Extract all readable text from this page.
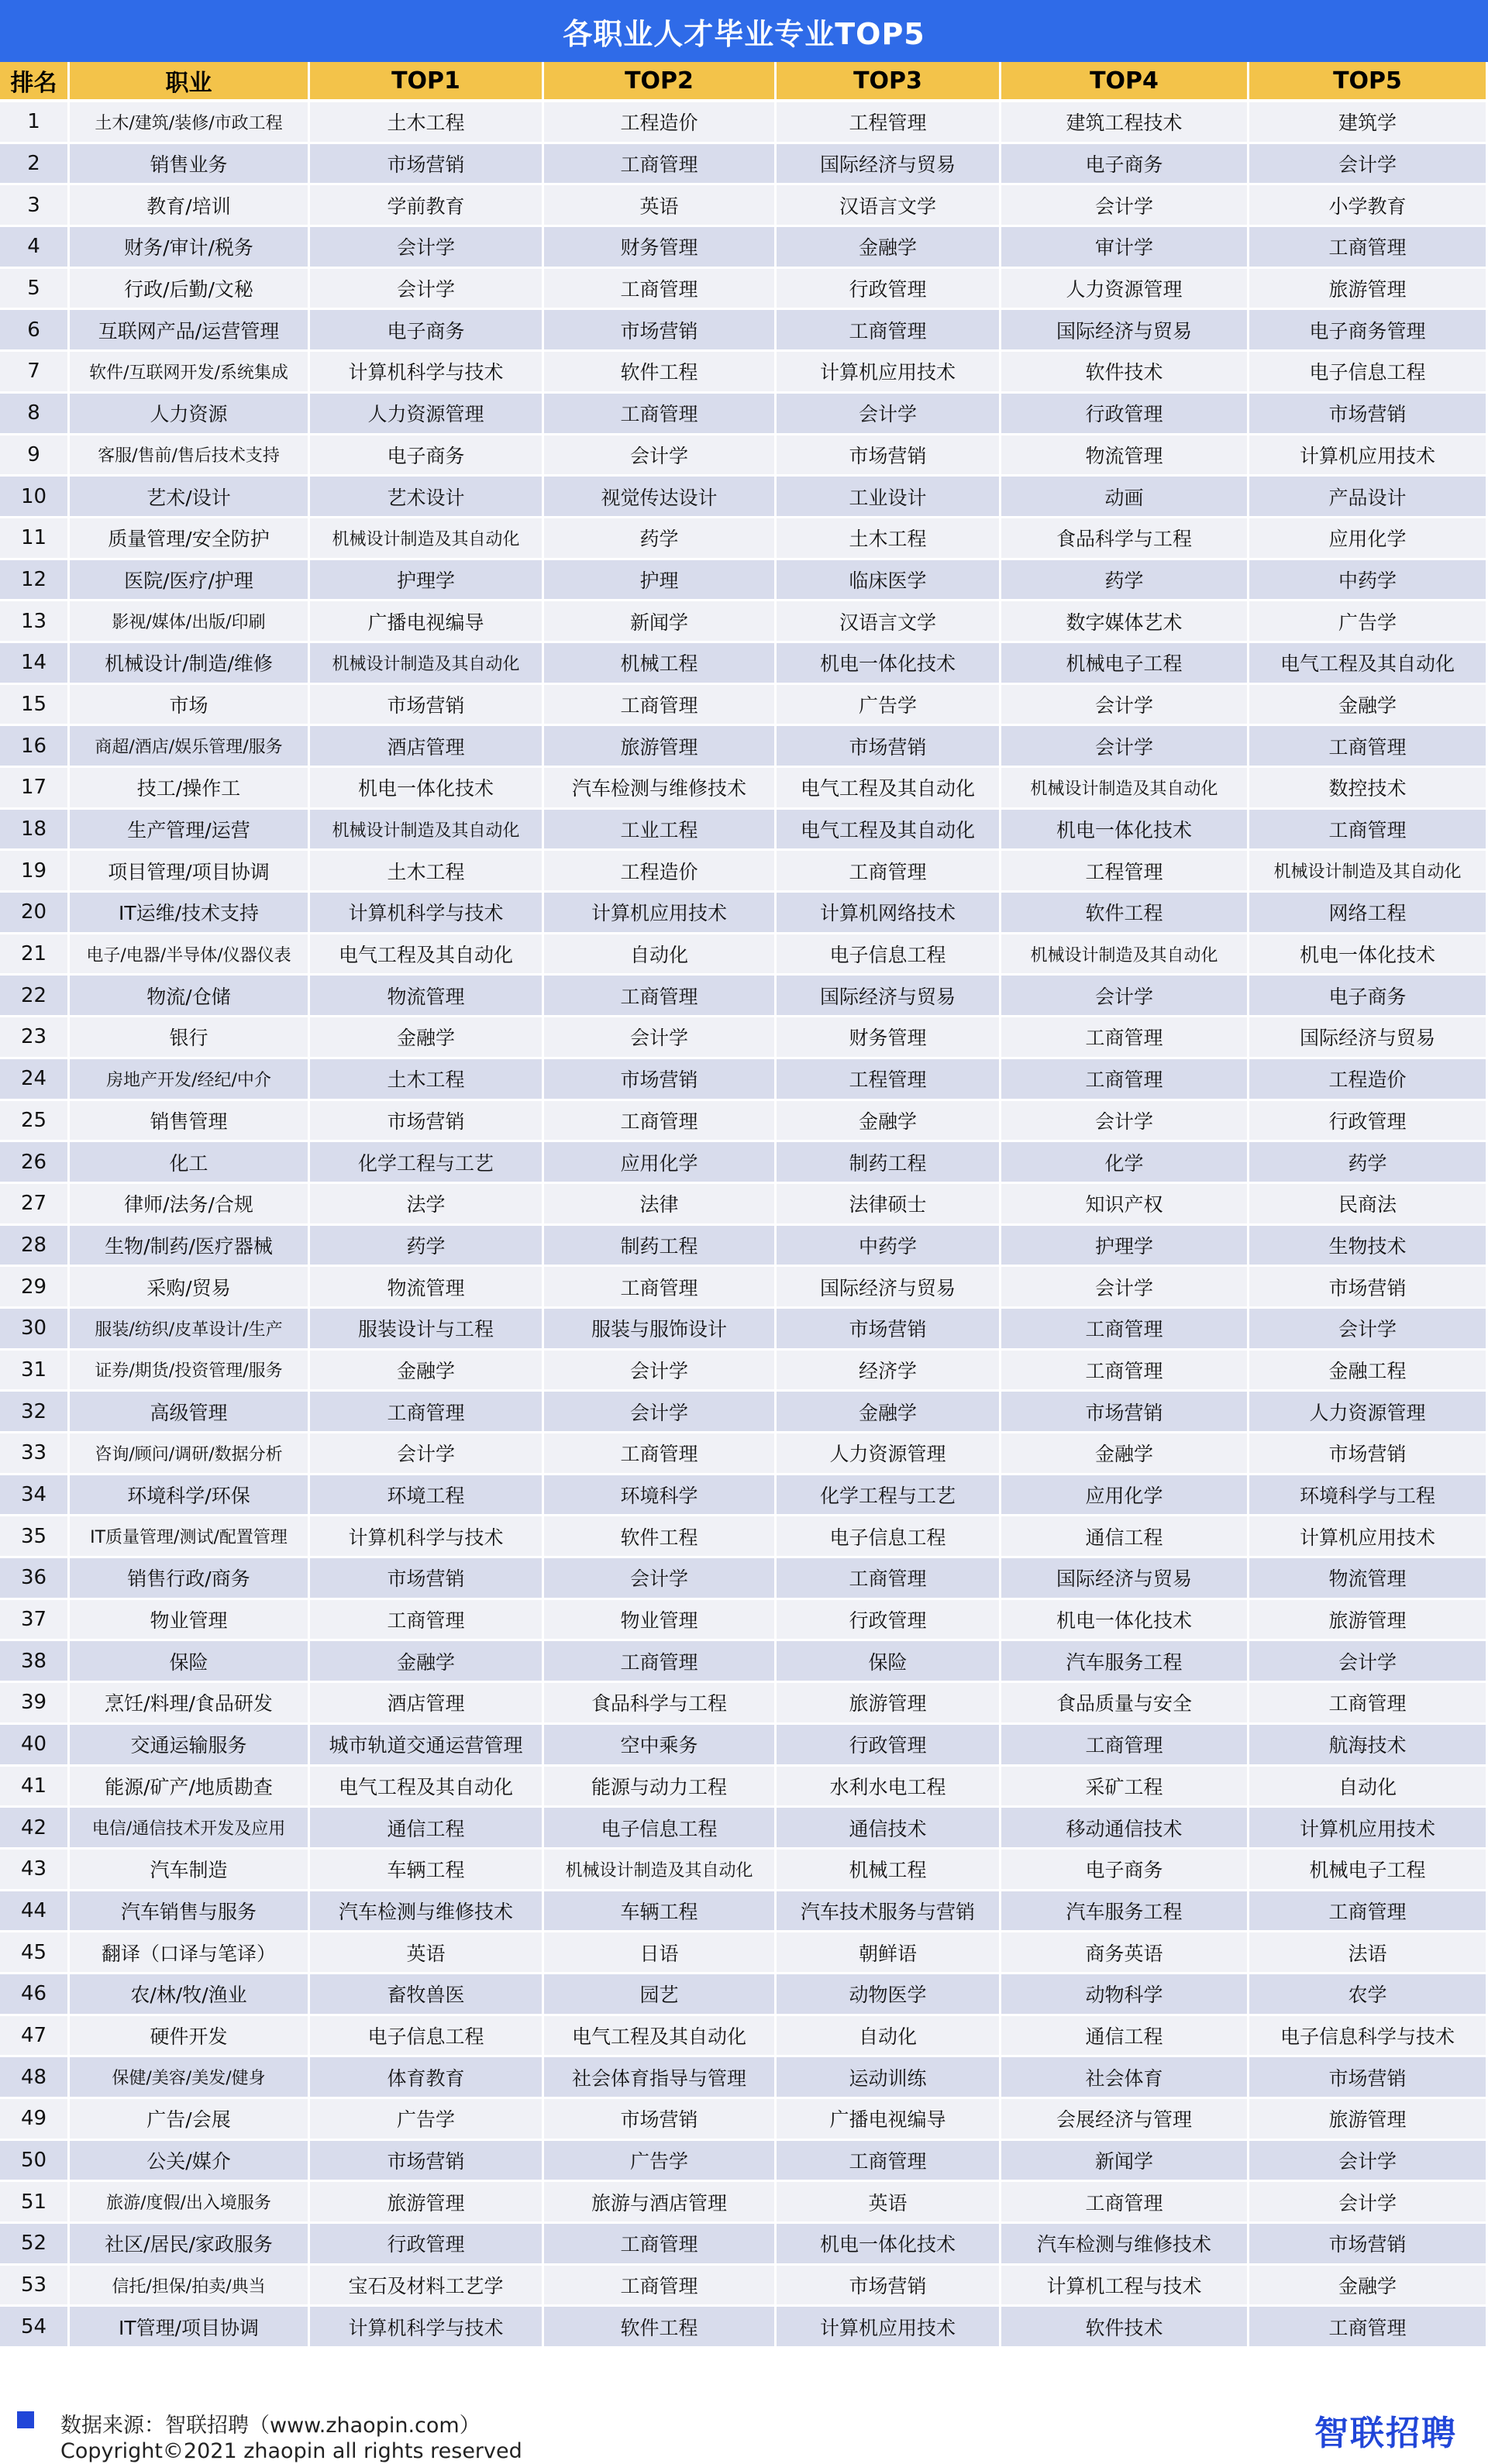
各职业人才毕业专业TOP5
排名	职业	TOP1	TOP2	TOP3	TOP4	TOP5
1	土木/建筑/装修/市政工程	土木工程	工程造价	工程管理	建筑工程技术	建筑学
2	销售业务	市场营销	工商管理	国际经济与贸易	电子商务	会计学
3	教育/培训	学前教育	英语	汉语言文学	会计学	小学教育
4	财务/审计/税务	会计学	财务管理	金融学	审计学	工商管理
5	行政/后勤/文秘	会计学	工商管理	行政管理	人力资源管理	旅游管理
6	互联网产品/运营管理	电子商务	市场营销	工商管理	国际经济与贸易	电子商务管理
7	软件/互联网开发/系统集成	计算机科学与技术	软件工程	计算机应用技术	软件技术	电子信息工程
8	人力资源	人力资源管理	工商管理	会计学	行政管理	市场营销
9	客服/售前/售后技术支持	电子商务	会计学	市场营销	物流管理	计算机应用技术
10	艺术/设计	艺术设计	视觉传达设计	工业设计	动画	产品设计
11	质量管理/安全防护	机械设计制造及其自动化	药学	土木工程	食品科学与工程	应用化学
12	医院/医疗/护理	护理学	护理	临床医学	药学	中药学
13	影视/媒体/出版/印刷	广播电视编导	新闻学	汉语言文学	数字媒体艺术	广告学
14	机械设计/制造/维修	机械设计制造及其自动化	机械工程	机电一体化技术	机械电子工程	电气工程及其自动化
15	市场	市场营销	工商管理	广告学	会计学	金融学
16	商超/酒店/娱乐管理/服务	酒店管理	旅游管理	市场营销	会计学	工商管理
17	技工/操作工	机电一体化技术	汽车检测与维修技术	电气工程及其自动化	机械设计制造及其自动化	数控技术
18	生产管理/运营	机械设计制造及其自动化	工业工程	电气工程及其自动化	机电一体化技术	工商管理
19	项目管理/项目协调	土木工程	工程造价	工商管理	工程管理	机械设计制造及其自动化
20	IT运维/技术支持	计算机科学与技术	计算机应用技术	计算机网络技术	软件工程	网络工程
21	电子/电器/半导体/仪器仪表	电气工程及其自动化	自动化	电子信息工程	机械设计制造及其自动化	机电一体化技术
22	物流/仓储	物流管理	工商管理	国际经济与贸易	会计学	电子商务
23	银行	金融学	会计学	财务管理	工商管理	国际经济与贸易
24	房地产开发/经纪/中介	土木工程	市场营销	工程管理	工商管理	工程造价
25	销售管理	市场营销	工商管理	金融学	会计学	行政管理
26	化工	化学工程与工艺	应用化学	制药工程	化学	药学
27	律师/法务/合规	法学	法律	法律硕士	知识产权	民商法
28	生物/制药/医疗器械	药学	制药工程	中药学	护理学	生物技术
29	采购/贸易	物流管理	工商管理	国际经济与贸易	会计学	市场营销
30	服装/纺织/皮革设计/生产	服装设计与工程	服装与服饰设计	市场营销	工商管理	会计学
31	证券/期货/投资管理/服务	金融学	会计学	经济学	工商管理	金融工程
32	高级管理	工商管理	会计学	金融学	市场营销	人力资源管理
33	咨询/顾问/调研/数据分析	会计学	工商管理	人力资源管理	金融学	市场营销
34	环境科学/环保	环境工程	环境科学	化学工程与工艺	应用化学	环境科学与工程
35	IT质量管理/测试/配置管理	计算机科学与技术	软件工程	电子信息工程	通信工程	计算机应用技术
36	销售行政/商务	市场营销	会计学	工商管理	国际经济与贸易	物流管理
37	物业管理	工商管理	物业管理	行政管理	机电一体化技术	旅游管理
38	保险	金融学	工商管理	保险	汽车服务工程	会计学
39	烹饪/料理/食品研发	酒店管理	食品科学与工程	旅游管理	食品质量与安全	工商管理
40	交通运输服务	城市轨道交通运营管理	空中乘务	行政管理	工商管理	航海技术
41	能源/矿产/地质勘查	电气工程及其自动化	能源与动力工程	水利水电工程	采矿工程	自动化
42	电信/通信技术开发及应用	通信工程	电子信息工程	通信技术	移动通信技术	计算机应用技术
43	汽车制造	车辆工程	机械设计制造及其自动化	机械工程	电子商务	机械电子工程
44	汽车销售与服务	汽车检测与维修技术	车辆工程	汽车技术服务与营销	汽车服务工程	工商管理
45	翻译（口译与笔译）	英语	日语	朝鲜语	商务英语	法语
46	农/林/牧/渔业	畜牧兽医	园艺	动物医学	动物科学	农学
47	硬件开发	电子信息工程	电气工程及其自动化	自动化	通信工程	电子信息科学与技术
48	保健/美容/美发/健身	体育教育	社会体育指导与管理	运动训练	社会体育	市场营销
49	广告/会展	广告学	市场营销	广播电视编导	会展经济与管理	旅游管理
50	公关/媒介	市场营销	广告学	工商管理	新闻学	会计学
51	旅游/度假/出入境服务	旅游管理	旅游与酒店管理	英语	工商管理	会计学
52	社区/居民/家政服务	行政管理	工商管理	机电一体化技术	汽车检测与维修技术	市场营销
53	信托/担保/拍卖/典当	宝石及材料工艺学	工商管理	市场营销	计算机工程与技术	金融学
54	IT管理/项目协调	计算机科学与技术	软件工程	计算机应用技术	软件技术	工商管理
数据来源：智联招聘（www.zhaopin.com）
Copyright©2021 zhaopin all rights reserved	智联招聘
